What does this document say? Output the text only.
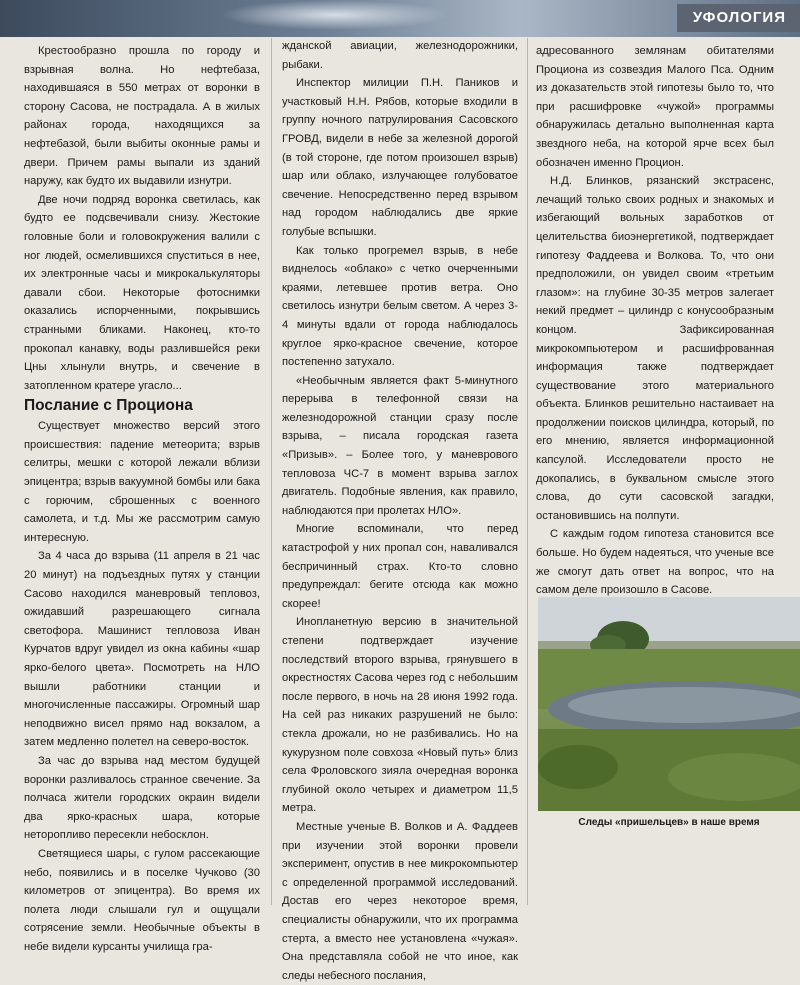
УФОЛОГИЯ

Крестообразно прошла по городу и взрывная волна. Но нефтебаза, находившаяся в 550 метрах от воронки в сторону Сасова, не пострадала. А в жилых районах города, находящихся за нефтебазой, были выбиты оконные рамы и двери. Причем рамы выпали из зданий наружу, как будто их выдавили изнутри.

Две ночи подряд воронка светилась, как будто ее подсвечивали снизу. Жестокие головные боли и головокружения валили с ног людей, осмелившихся спуститься в нее, их электронные часы и микрокалькуляторы давали сбои. Некоторые фотоснимки оказались испорченными, покрывшись странными бликами. Наконец, кто-то прокопал канавку, воды разлившейся реки Цны хлынули внутрь, и свечение в затопленном кратере угасло...

Послание с Проциона

Существует множество версий этого происшествия: падение метеорита; взрыв селитры, мешки с которой лежали вблизи эпицентра; взрыв вакуумной бомбы или бака с горючим, сброшенных с военного самолета, и т.д. Мы же рассмотрим самую интересную.

За 4 часа до взрыва (11 апреля в 21 час 20 минут) на подъездных путях у станции Сасово находился маневровый тепловоз, ожидавший разрешающего сигнала светофора. Машинист тепловоза Иван Курчатов вдруг увидел из окна кабины «шар ярко-белого цвета». Посмотреть на НЛО вышли работники станции и многочисленные пассажиры. Огромный шар неподвижно висел прямо над вокзалом, а затем медленно полетел на северо-восток.

За час до взрыва над местом будущей воронки разливалось странное свечение. За полчаса жители городских окраин видели два ярко-красных шара, которые неторопливо пересекли небосклон.

Светящиеся шары, с гулом рассекающие небо, появились и в поселке Чучково (30 километров от эпицентра). Во время их полета люди слышали гул и ощущали сотрясение земли. Необычные объекты в небе видели курсанты училища гра-

жданской авиации, железнодорожники, рыбаки.

Инспектор милиции П.Н. Паников и участковый Н.Н. Рябов, которые входили в группу ночного патрулирования Сасовского ГРОВД, видели в небе за железной дорогой (в той стороне, где потом произошел взрыв) шар или облако, излучающее голубоватое свечение. Непосредственно перед взрывом над городом наблюдались две яркие голубые вспышки.

Как только прогремел взрыв, в небе виднелось «облако» с четко очерченными краями, летевшее против ветра. Оно светилось изнутри белым светом. А через 3-4 минуты вдали от города наблюдалось круглое ярко-красное свечение, которое постепенно затухало.

«Необычным является факт 5-минутного перерыва в телефонной связи на железнодорожной станции сразу после взрыва, – писала городская газета «Призыв». – Более того, у маневрового тепловоза ЧС-7 в момент взрыва заглох двигатель. Подобные явления, как правило, наблюдаются при пролетах НЛО».

Многие вспоминали, что перед катастрофой у них пропал сон, наваливался беспричинный страх. Кто-то словно предупреждал: бегите отсюда как можно скорее!

Инопланетную версию в значительной степени подтверждает изучение последствий второго взрыва, грянувшего в окрестностях Сасова через год с небольшим после первого, в ночь на 28 июня 1992 года. На сей раз никаких разрушений не было: стекла дрожали, но не разбивались. Но на кукурузном поле совхоза «Новый путь» близ села Фроловского зияла очередная воронка глубиной около четырех и диаметром 11,5 метра.

Местные ученые В. Волков и А. Фаддеев при изучении этой воронки провели эксперимент, опустив в нее микрокомпьютер с определенной программой исследований. Достав его через некоторое время, специалисты обнаружили, что их программа стерта, а вместо нее установлена «чужая». Она представляла собой не что иное, как следы небесного послания,

адресованного землянам обитателями Проциона из созвездия Малого Пса. Одним из доказательств этой гипотезы было то, что при расшифровке «чужой» программы обнаружилась детально выполненная карта звездного неба, на которой ярче всех был обозначен именно Процион.

Н.Д. Блинков, рязанский экстрасенс, лечащий только своих родных и знакомых и избегающий вольных заработков от целительства биоэнергетикой, подтверждает гипотезу Фаддеева и Волкова. То, что они предположили, он увидел своим «третьим глазом»: на глубине 30-35 метров залегает некий предмет – цилиндр с конусообразным концом. Зафиксированная микрокомпьютером и расшифрованная информация также подтверждает существование этого материального объекта. Блинков решительно настаивает на продолжении поисков цилиндра, который, по его мнению, является информационной капсулой. Исследователи просто не докопались, в буквальном смысле этого слова, до сути сасовской загадки, остановившись на полпути.

С каждым годом гипотеза становится все больше. Но будем надеяться, что ученые все же смогут дать ответ на вопрос, что на самом деле произошло в Сасове.

Следы «пришельцев» в наше время
